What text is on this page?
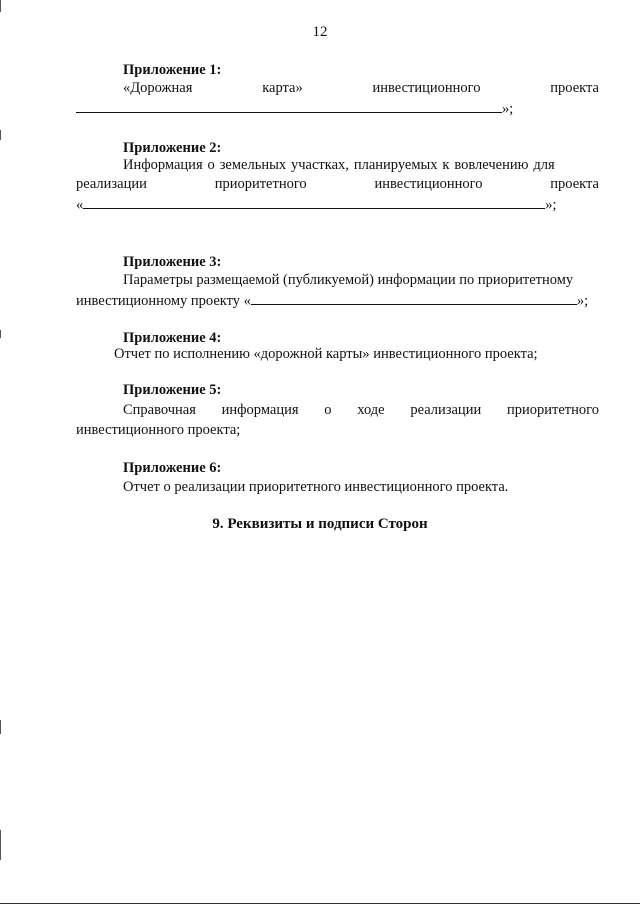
12
Приложение 1:
«Дорожная	карта»	инвестиционного	проекта
»;
Приложение 2:
Информация о земельных участках, планируемых к вовлечению для
реализации	приоритетного	инвестиционного	проекта
«	»;
Приложение 3:
Параметры размещаемой (публикуемой) информации по приоритетному
инвестиционному проекту «	»;
Приложение 4:
Отчет по исполнению «дорожной карты» инвестиционного проекта;
Приложение 5:
Справочная информация о ходе реализации приоритетного
инвестиционного проекта;
Приложение 6:
Отчет о реализации приоритетного инвестиционного проекта.
9. Реквизиты и подписи Сторон
